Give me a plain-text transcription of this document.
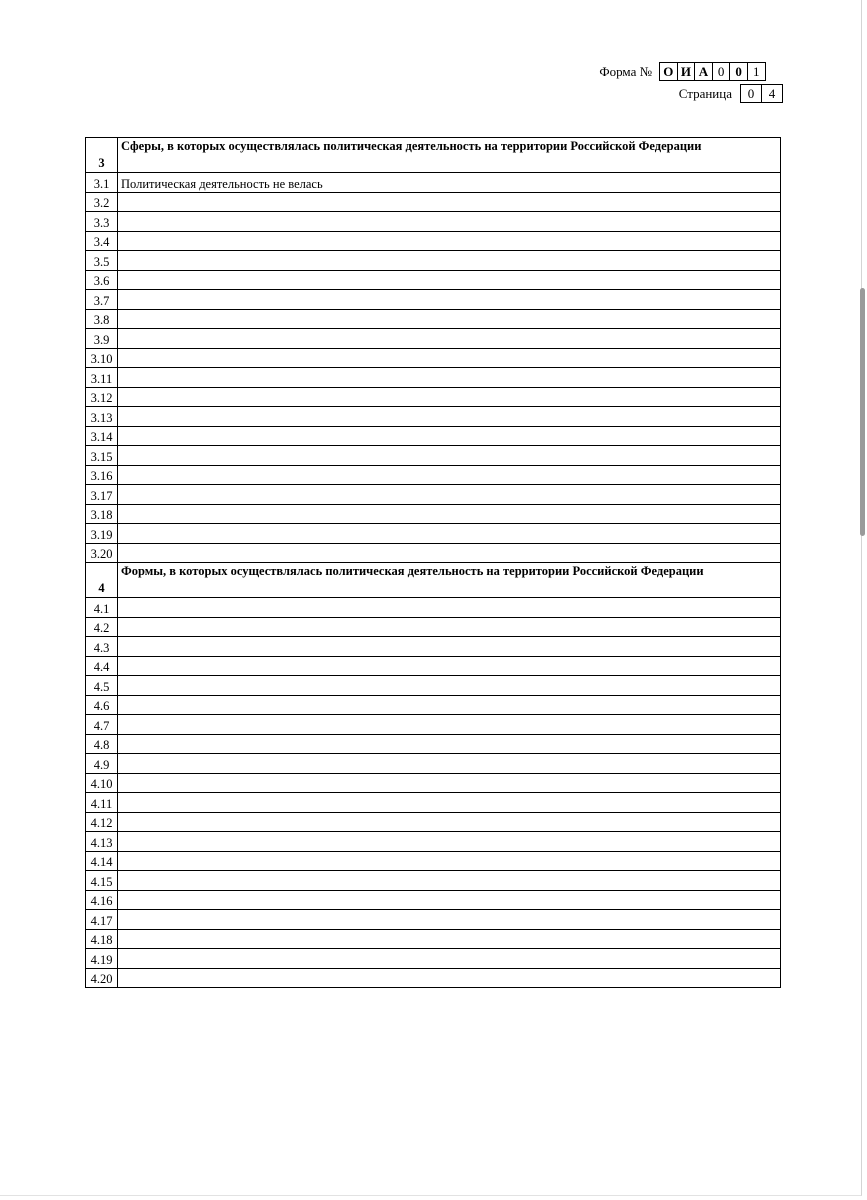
Форма № О И А 0 0 1
Страница	0	4
3	Сферы, в которых осуществлялась политическая деятельность на территории Российской Федерации
3.1	Политическая деятельность не велась
3.2	
3.3	
3.4	
3.5	
3.6	
3.7	
3.8	
3.9	
3.10	
3.11	
3.12	
3.13	
3.14	
3.15	
3.16	
3.17	
3.18	
3.19	
3.20	
4	Формы, в которых осуществлялась политическая деятельность на территории Российской Федерации
4.1	
4.2	
4.3	
4.4	
4.5	
4.6	
4.7	
4.8	
4.9	
4.10	
4.11	
4.12	
4.13	
4.14	
4.15	
4.16	
4.17	
4.18	
4.19	
4.20	
